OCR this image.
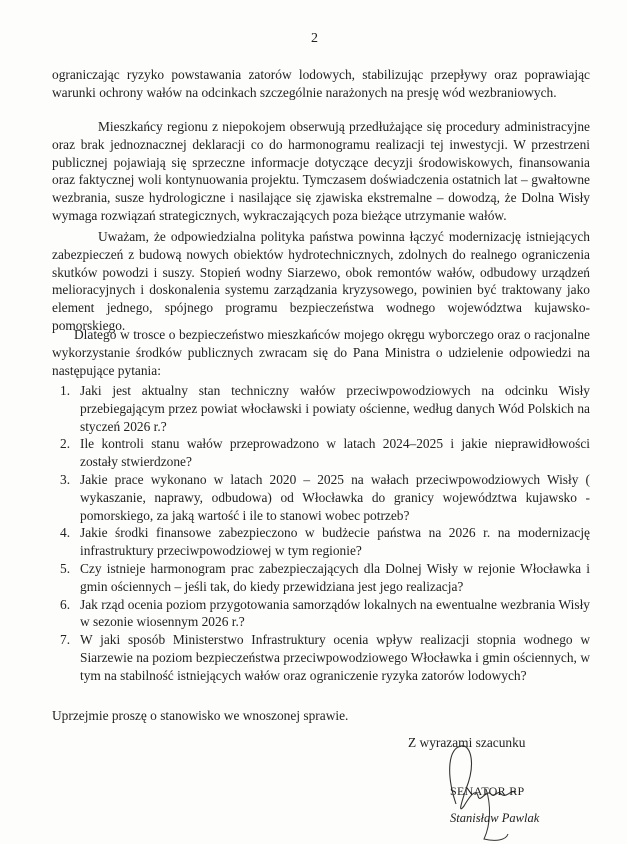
2

ograniczając ryzyko powstawania zatorów lodowych, stabilizując przepływy oraz poprawiając warunki ochrony wałów na odcinkach szczególnie narażonych na presję wód wezbraniowych.

Mieszkańcy regionu z niepokojem obserwują przedłużające się procedury administracyjne oraz brak jednoznacznej deklaracji co do harmonogramu realizacji tej inwestycji. W przestrzeni publicznej pojawiają się sprzeczne informacje dotyczące decyzji środowiskowych, finansowania oraz faktycznej woli kontynuowania projektu. Tymczasem doświadczenia ostatnich lat – gwałtowne wezbrania, susze hydrologiczne i nasilające się zjawiska ekstremalne – dowodzą, że Dolna Wisły wymaga rozwiązań strategicznych, wykraczających poza bieżące utrzymanie wałów.

Uważam, że odpowiedzialna polityka państwa powinna łączyć modernizację istniejących zabezpieczeń z budową nowych obiektów hydrotechnicznych, zdolnych do realnego ograniczenia skutków powodzi i suszy. Stopień wodny Siarzewo, obok remontów wałów, odbudowy urządzeń melioracyjnych i doskonalenia systemu zarządzania kryzysowego, powinien być traktowany jako element jednego, spójnego programu bezpieczeństwa wodnego województwa kujawsko-pomorskiego.

Dlatego w trosce o bezpieczeństwo mieszkańców mojego okręgu wyborczego oraz o racjonalne wykorzystanie środków publicznych zwracam się do Pana Ministra o udzielenie odpowiedzi na następujące pytania:

1. Jaki jest aktualny stan techniczny wałów przeciwpowodziowych na odcinku Wisły przebiegającym przez powiat włocławski i powiaty ościenne, według danych Wód Polskich na styczeń 2026 r.?
2. Ile kontroli stanu wałów przeprowadzono w latach 2024–2025 i jakie nieprawidłowości zostały stwierdzone?
3. Jakie prace wykonano w latach 2020 – 2025 na wałach przeciwpowodziowych Wisły ( wykaszanie, naprawy, odbudowa) od Włocławka do granicy województwa kujawsko - pomorskiego, za jaką wartość i ile to stanowi wobec potrzeb?
4. Jakie środki finansowe zabezpieczono w budżecie państwa na 2026 r. na modernizację infrastruktury przeciwpowodziowej w tym regionie?
5. Czy istnieje harmonogram prac zabezpieczających dla Dolnej Wisły w rejonie Włocławka i gmin ościennych – jeśli tak, do kiedy przewidziana jest jego realizacja?
6. Jak rząd ocenia poziom przygotowania samorządów lokalnych na ewentualne wezbrania Wisły w sezonie wiosennym 2026 r.?
7. W jaki sposób Ministerstwo Infrastruktury ocenia wpływ realizacji stopnia wodnego w Siarzewie na poziom bezpieczeństwa przeciwpowodziowego Włocławka i gmin ościennych, w tym na stabilność istniejących wałów oraz ograniczenie ryzyka zatorów lodowych?
Uprzejmie proszę o stanowisko we wnoszonej sprawie.
Z wyrazami szacunku
SENATOR RP
Stanisław Pawlak
